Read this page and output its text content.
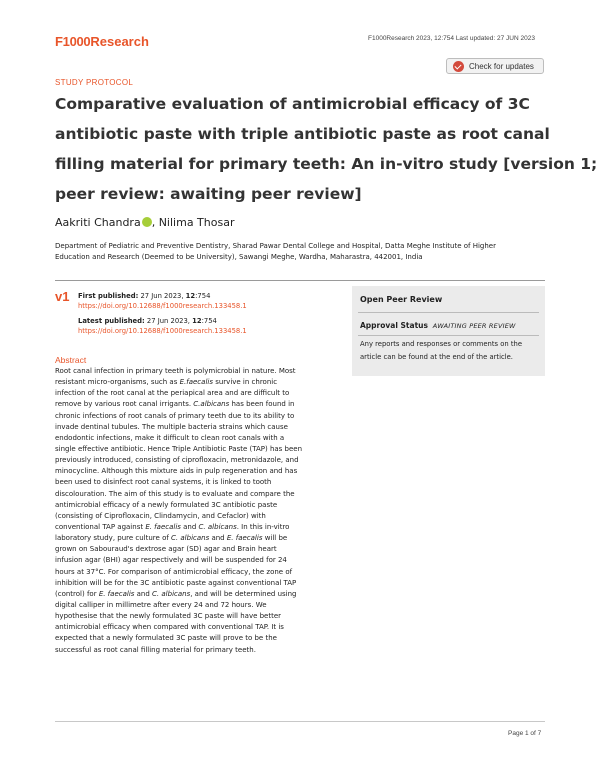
F1000Research	F1000Research 2023, 12:754 Last updated: 27 JUN 2023
Check for updates
STUDY PROTOCOL
Comparative evaluation of antimicrobial efficacy of 3C
antibiotic paste with triple antibiotic paste as root canal
filling material for primary teeth: An in-vitro study [version 1;
peer review: awaiting peer review]
Aakriti Chandra , Nilima Thosar
Department of Pediatric and Preventive Dentistry, Sharad Pawar Dental College and Hospital, Datta Meghe Institute of Higher
Education and Research (Deemed to be University), Sawangi Meghe, Wardha, Maharastra, 442001, India
v1 First published: 27 Jun 2023, 12:754
https://doi.org/10.12688/f1000research.133458.1
Latest published: 27 Jun 2023, 12:754
https://doi.org/10.12688/f1000research.133458.1
Open Peer Review
Approval Status AWAITING PEER REVIEW
Any reports and responses or comments on the
article can be found at the end of the article.
Abstract
Root canal infection in primary teeth is polymicrobial in nature. Most
resistant micro-organisms, such as E.faecalis survive in chronic
infection of the root canal at the periapical area and are difficult to
remove by various root canal irrigants. C.albicans has been found in
chronic infections of root canals of primary teeth due to its ability to
invade dentinal tubules. The multiple bacteria strains which cause
endodontic infections, make it difficult to clean root canals with a
single effective antibiotic. Hence Triple Antibiotic Paste (TAP) has been
previously introduced, consisting of ciprofloxacin, metronidazole, and
minocycline. Although this mixture aids in pulp regeneration and has
been used to disinfect root canal systems, it is linked to tooth
discolouration. The aim of this study is to evaluate and compare the
antimicrobial efficacy of a newly formulated 3C antibiotic paste
(consisting of Ciprofloxacin, Clindamycin, and Cefaclor) with
conventional TAP against E. faecalis and C. albicans. In this in-vitro
laboratory study, pure culture of C. albicans and E. faecalis will be
grown on Sabouraud's dextrose agar (SD) agar and Brain heart
infusion agar (BHI) agar respectively and will be suspended for 24
hours at 37°C. For comparison of antimicrobial efficacy, the zone of
inhibition will be for the 3C antibiotic paste against conventional TAP
(control) for E. faecalis and C. albicans, and will be determined using
digital calliper in millimetre after every 24 and 72 hours. We
hypothesise that the newly formulated 3C paste will have better
antimicrobial efficacy when compared with conventional TAP. It is
expected that a newly formulated 3C paste will prove to be the
successful as root canal filling material for primary teeth.
Page 1 of 7
